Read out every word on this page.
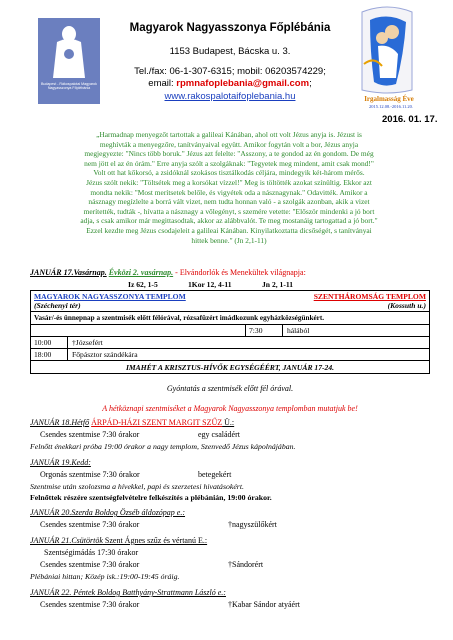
Budapest - Rákospalotai Magyarok Nagyasszonya Főplébánia
Magyarok Nagyasszonya Főplébánia
1153 Budapest, Bácska u. 3.
Tel./fax: 06-1-307-6315; mobil: 06203574229;
email: rpmnafoplebania@gmail.com;
www.rakospalotaifoplebania.hu	Irgalmasság Éve
2015.12.08.-2016.11.20.
2016. 01. 17.
„Harmadnap menyegzőt tartottak a galileai Kánában, ahol ott volt Jézus anyja is. Jézust is
meghívták a menyegzőre, tanítványaival együtt. Amikor fogytán volt a bor, Jézus anyja
megjegyezte: "Nincs több boruk." Jézus azt felelte: "Asszony, a te gondod az én gondom. De még
nem jött el az én órám." Erre anyja szólt a szolgáknak: "Tegyetek meg mindent, amit csak mond!"
Volt ott hat kőkorsó, a zsidóknál szokásos tisztálkodás céljára, mindegyik két-három mérős.
Jézus szólt nekik: "Töltsétek meg a korsókat vízzel!" Meg is töltötték azokat színültig. Ekkor azt
mondta nekik: "Most merítsetek belőle, és vigyétek oda a násznagynak." Odavitték. Amikor a
násznagy megízlelte a borrá vált vizet, nem tudta honnan való - a szolgák azonban, akik a vizet
merítették, tudták -, hívatta a násznagy a vőlegényt, s szemére vetette: "Először mindenki a jó bort
adja, s csak amikor már megittasodtak, akkor az alábbvalót. Te meg mostanáig tartogattad a jó bort."
Ezzel kezdte meg Jézus csodajeleit a galileai Kánában. Kinyilatkoztatta dicsőségét, s tanítványai
hittek benne." (Jn 2,1-11)
JANUÁR 17.Vasárnap. Évközi 2. vasárnap. - Elvándorlók és Menekültek világnapja:
Iz 62, 1-5	1Kor 12, 4-11	Jn 2, 1-11
MAGYAROK NAGYASSZONYA TEMPLOM
(Széchenyi tér)

SZENTHÁROMSÁG TEMPLOM
(Kossuth u.)

Vasár/-és ünnepnap a szentmisék előtt félórával, rózsafüzért imádkozunk egyházközségünkért.

7:30	hálából

10:00	†Józsefért

18:00	Főpásztor szándékára

IMAHÉT A KRISZTUS-HÍVŐK EGYSÉGÉÉRT, JANUÁR 17-24.
Gyóntatás a szentmisék előtt fél órával.
A hétköznapi szentmiséket a Magyarok Nagyasszonya templomban mutatjuk be!
JANUÁR 18.Hétfő ÁRPÁD-HÁZI SZENT MARGIT SZŰZ Ü.:
Csendes szentmise 7:30 órakor	egy családért
Felnőtt énekkari próba 19:00 órakor a nagy templom, Szenvedő Jézus kápolnájában.
JANUÁR 19.Kedd:
Orgonás szentmise 7:30 órakor	betegekért
Szentmise után szolozsma a hívekkel, papi és szerzetesi hivatásokért.
Felnőttek részére szentségfelvételre felkészítés a plébánián, 19:00 órakor.
JANUÁR 20.Szerda Boldog Özséb áldozópap e.:
Csendes szentmise 7:30 órakor	†nagyszülőkért
JANUÁR 21.Csütörtök Szent Ágnes szűz és vértanú E.:
Szentségimádás 17:30 órakor
Csendes szentmise 7:30 órakor	†Sándorért
Plébániai hittan; Közép isk.:19:00-19:45 óráig.
JANUÁR 22. Péntek Boldog Batthyány-Strattmann László e.:
Csendes szentmise 7:30 órakor	†Kabar Sándor atyáért
